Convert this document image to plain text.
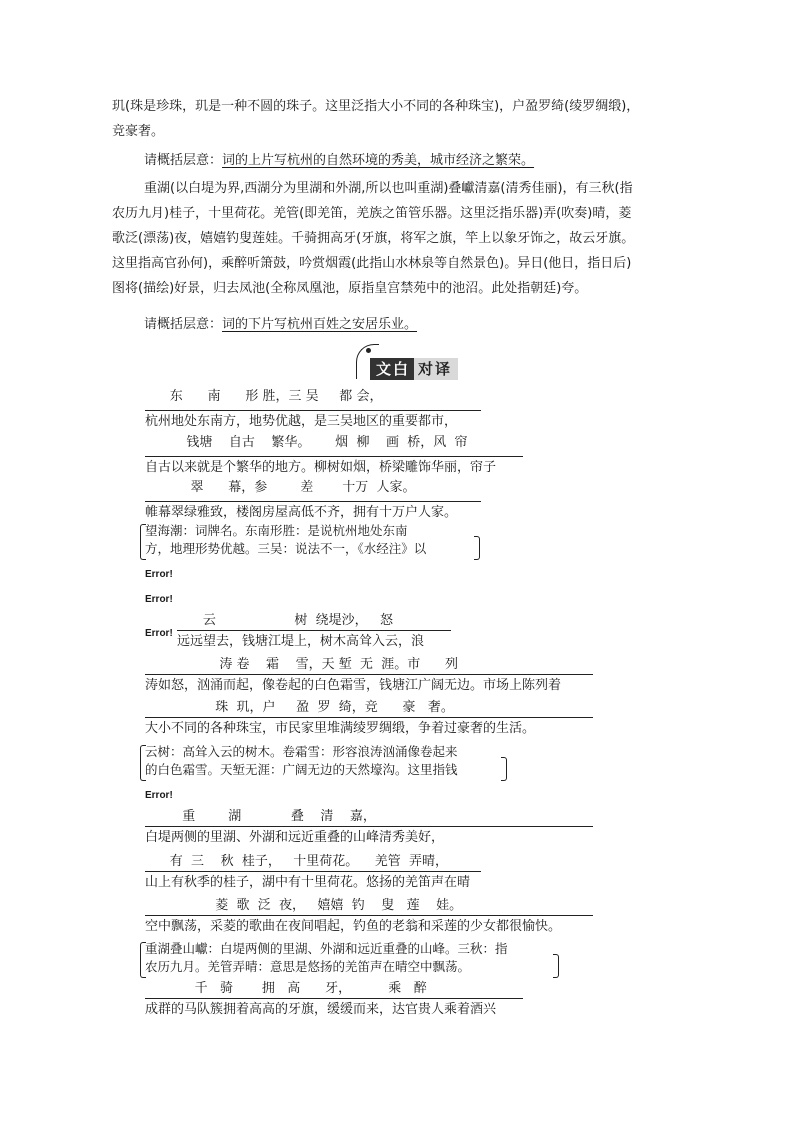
玑(珠是珍珠，玑是一种不圆的珠子。这里泛指大小不同的各种珠宝)，户盈罗绮(绫罗绸缎)，
竞豪奢。

请概括层意：词的上片写杭州的自然环境的秀美，城市经济之繁荣。

重湖(以白堤为界,西湖分为里湖和外湖,所以也叫重湖)叠巘清嘉(清秀佳丽)，有三秋(指
农历九月)桂子，十里荷花。羌管(即羌笛，羌族之笛管乐器。这里泛指乐器)弄(吹奏)晴，菱
歌泛(漂荡)夜，嬉嬉钓叟莲娃。千骑拥高牙(牙旗，将军之旗，竿上以象牙饰之，故云牙旗。
这里指高官孙何)，乘醉听箫鼓，吟赏烟霞(此指山水林泉等自然景色)。异日(他日，指日后)
图将(描绘)好景，归去凤池(全称凤凰池，原指皇宫禁苑中的池沼。此处指朝廷)夸。

请概括层意：词的下片写杭州百姓之安居乐业。

文白 对译
东      南      形 胜，三 吴     都 会，
杭州地处东南方，地势优越，是三吴地区的重要都市，
钱塘    自古    繁华。      烟  柳    画  桥，风  帘
自古以来就是个繁华的地方。柳树如烟，桥梁雕饰华丽，帘子
翠      幕，参        差       十万  人家。
帷幕翠绿雅致，楼阁房屋高低不齐，拥有十万户人家。
望海潮：词牌名。东南形胜：是说杭州地处东南
方，地理形势优越。三吴：说法不一，《水经注》以
Error!
Error!
Error!
云                   树  绕堤沙，   怒
远远望去，钱塘江堤上，树木高耸入云，浪
涛 卷    霜    雪，天 堑  无  涯。市      列
涛如怒，汹涌而起，像卷起的白色霜雪，钱塘江广阔无边。市场上陈列着
珠  玑，户     盈  罗  绮，竞      豪   奢。
大小不同的各种珠宝，市民家里堆满绫罗绸缎，争着过豪奢的生活。
云树：高耸入云的树木。卷霜雪：形容浪涛汹涌像卷起来
的白色霜雪。天堑无涯：广阔无边的天然壕沟。这里指钱
Error!
重        湖            叠    清    嘉，
白堤两侧的里湖、外湖和远近重叠的山峰清秀美好，
有  三    秋  桂子，   十里荷花。    羌管  弄晴，
山上有秋季的桂子，湖中有十里荷花。悠扬的羌笛声在晴
菱  歌  泛  夜，   嬉嬉  钓    叟   莲    娃。
空中飘荡，采菱的歌曲在夜间唱起，钓鱼的老翁和采莲的少女都很愉快。
重湖叠山巘：白堤两侧的里湖、外湖和远近重叠的山峰。三秋：指
农历九月。羌管弄晴：意思是悠扬的羌笛声在晴空中飘荡。
千   骑       拥   高      牙，         乘   醉
成群的马队簇拥着高高的牙旗，缓缓而来，达官贵人乘着酒兴
